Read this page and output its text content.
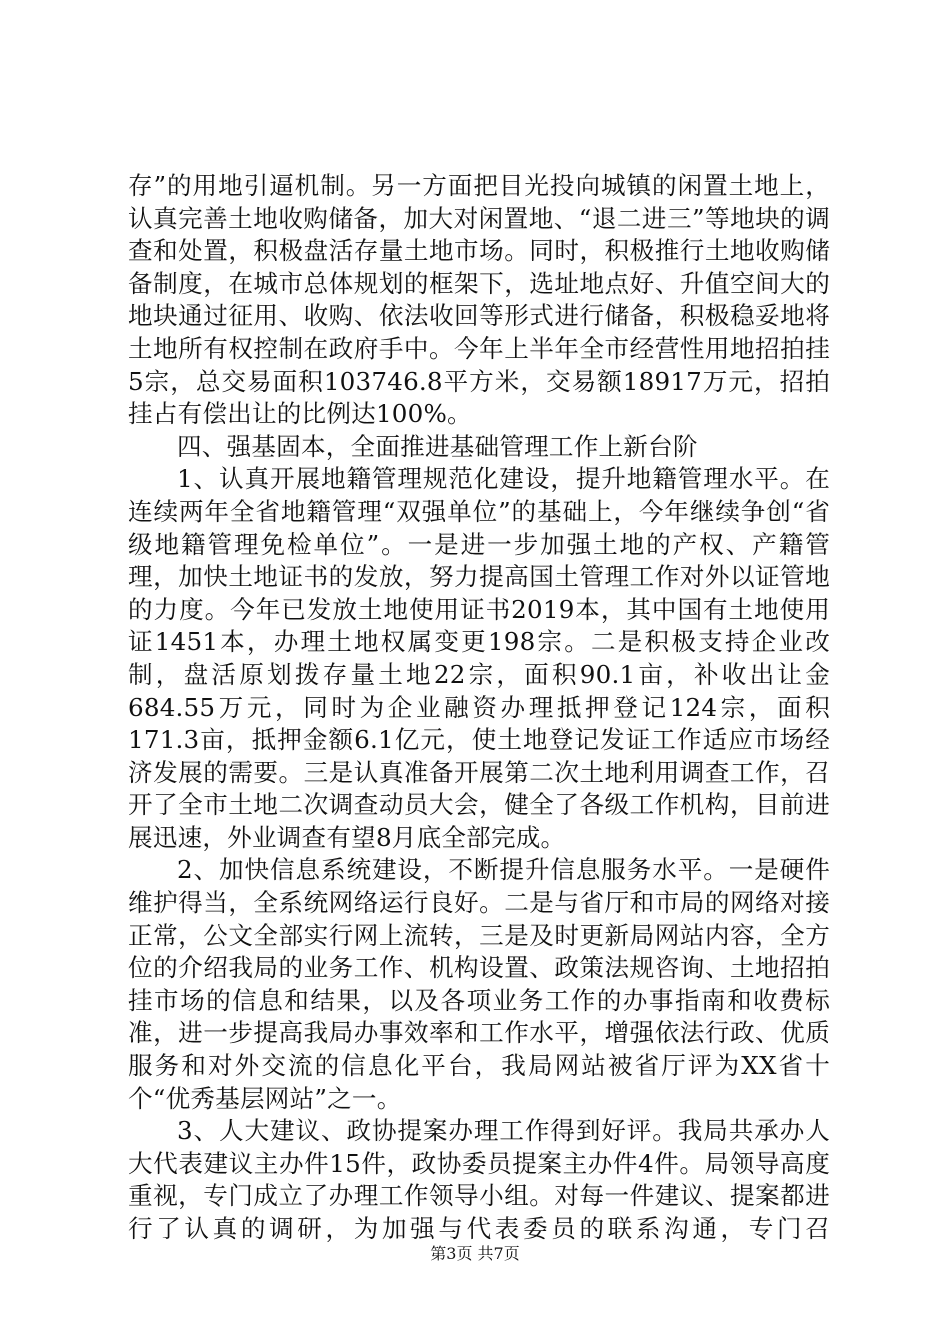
存”的用地引逼机制。另一方面把目光投向城镇的闲置土地上，认真完善土地收购储备，加大对闲置地、“退二进三”等地块的调查和处置，积极盘活存量土地市场。同时，积极推行土地收购储备制度，在城市总体规划的框架下，选址地点好、升值空间大的地块通过征用、收购、依法收回等形式进行储备，积极稳妥地将土地所有权控制在政府手中。今年上半年全市经营性用地招拍挂5宗，总交易面积103746.8平方米，交易额18917万元，招拍挂占有偿出让的比例达100%。

四、强基固本，全面推进基础管理工作上新台阶

1、认真开展地籍管理规范化建设，提升地籍管理水平。在连续两年全省地籍管理“双强单位”的基础上，今年继续争创“省级地籍管理免检单位”。一是进一步加强土地的产权、产籍管理，加快土地证书的发放，努力提高国土管理工作对外以证管地的力度。今年已发放土地使用证书2019本，其中国有土地使用证1451本，办理土地权属变更198宗。二是积极支持企业改制，盘活原划拨存量土地22宗，面积90.1亩，补收出让金684.55万元，同时为企业融资办理抵押登记124宗，面积171.3亩，抵押金额6.1亿元，使土地登记发证工作适应市场经济发展的需要。三是认真准备开展第二次土地利用调查工作，召开了全市土地二次调查动员大会，健全了各级工作机构，目前进展迅速，外业调查有望8月底全部完成。

2、加快信息系统建设，不断提升信息服务水平。一是硬件维护得当，全系统网络运行良好。二是与省厅和市局的网络对接正常，公文全部实行网上流转，三是及时更新局网站内容，全方位的介绍我局的业务工作、机构设置、政策法规咨询、土地招拍挂市场的信息和结果，以及各项业务工作的办事指南和收费标准，进一步提高我局办事效率和工作水平，增强依法行政、优质服务和对外交流的信息化平台，我局网站被省厅评为XX省十个“优秀基层网站”之一。

3、人大建议、政协提案办理工作得到好评。我局共承办人大代表建议主办件15件，政协委员提案主办件4件。局领导高度重视，专门成立了办理工作领导小组。对每一件建议、提案都进行了认真的调研，为加强与代表委员的联系沟通，专门召

第3页 共7页
